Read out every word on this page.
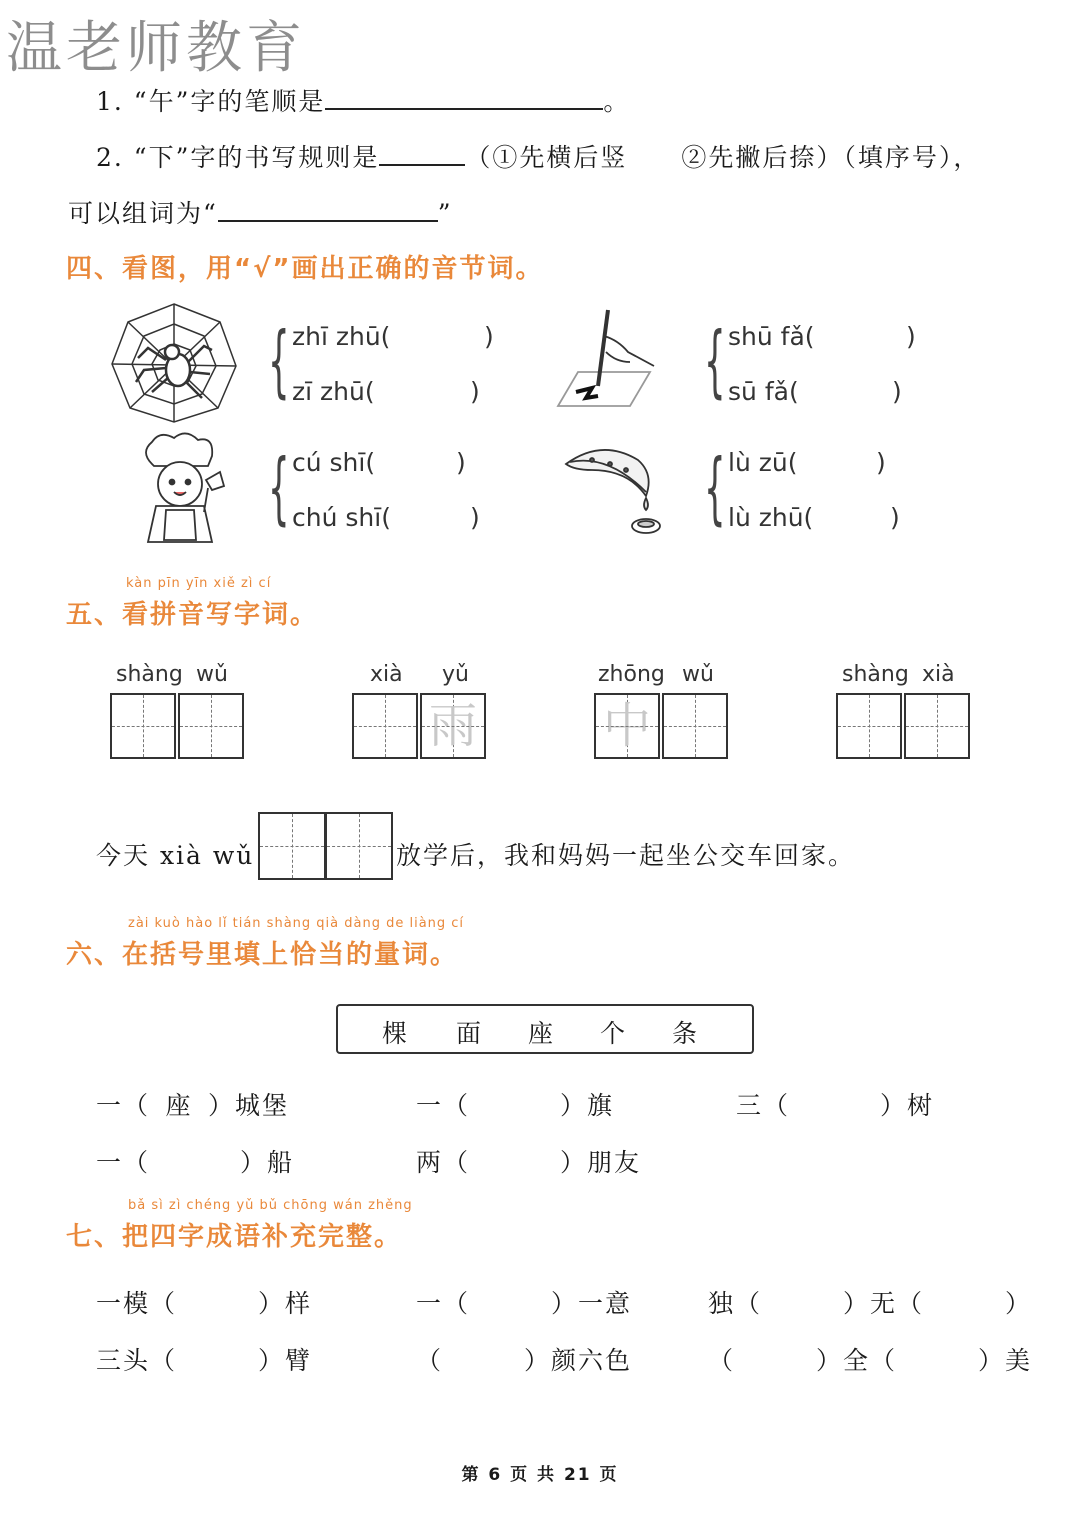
温老师教育
1. “午”字的笔顺是	。
2. “下”字的书写规则是	（①先横后竖　　②先撇后捺）（填序号），
可以组词为“	”
四、看图，用“√”画出正确的音节词。
{ zhī zhū(	)
zī zhū(	)	{ shū fǎ(	)
sū fǎ(	)
{ cú shī(	)
chú shī(	)	{ lù zū(	)
lù zhū(	)
kàn pīn yīn xiě zì cí
五、看拼音写字词。
shàng wǔ	xià yǔ
雨
zhōng wǔ
中
shàng xià
今天 xià wǔ	放学后，我和妈妈一起坐公交车回家。
zài kuò hào lǐ tián shàng qià dàng de liàng cí
六、在括号里填上恰当的量词。
棵 面 座 个 条
一（ 座 ）城堡	一（	）旗	三（	）树
一（	）船	两（	）朋友
bǎ sì zì chéng yǔ bǔ chōng wán zhěng
七、把四字成语补充完整。
一模（　　　）样	一（　　　）一意	独（　　　）无（　　　）
三头（　　　）臂	（　　　）颜六色	（　　　）全（　　　）美
第 6 页 共 21 页
